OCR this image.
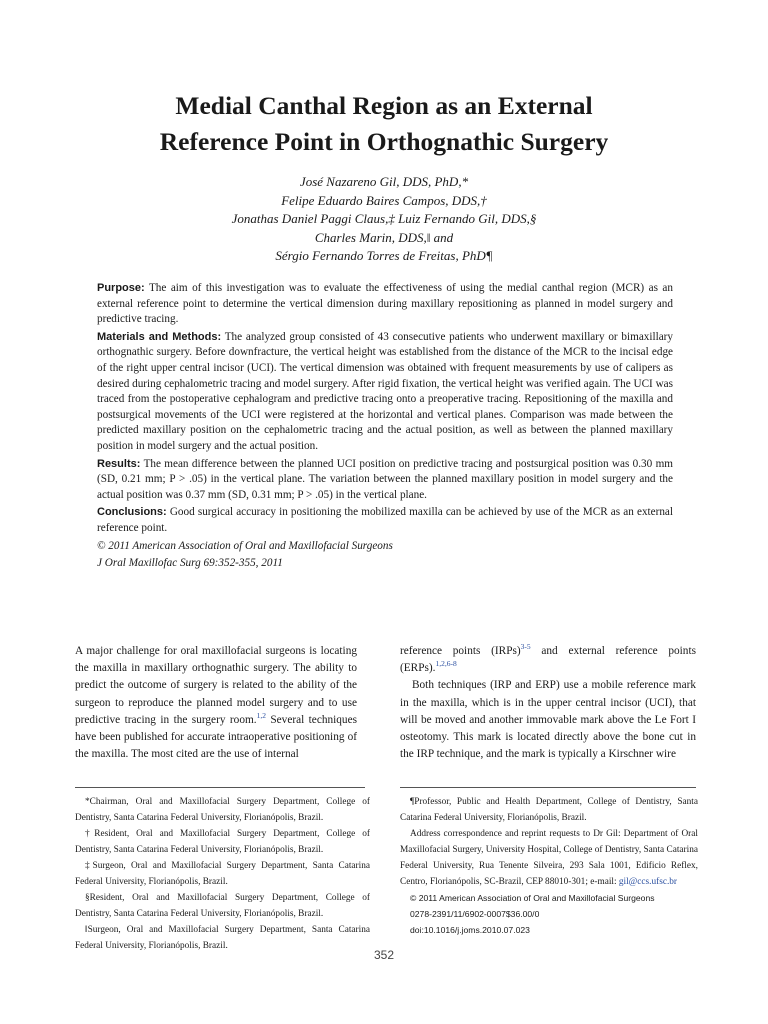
Medial Canthal Region as an External
Reference Point in Orthognathic Surgery
José Nazareno Gil, DDS, PhD,*
Felipe Eduardo Baires Campos, DDS,†
Jonathas Daniel Paggi Claus,‡ Luiz Fernando Gil, DDS,§
Charles Marin, DDS,‖ and
Sérgio Fernando Torres de Freitas, PhD¶

Purpose: The aim of this investigation was to evaluate the effectiveness of using the medial canthal region (MCR) as an external reference point to determine the vertical dimension during maxillary repositioning as planned in model surgery and predictive tracing.

Materials and Methods: The analyzed group consisted of 43 consecutive patients who underwent maxillary or bimaxillary orthognathic surgery. Before downfracture, the vertical height was established from the distance of the MCR to the incisal edge of the right upper central incisor (UCI). The vertical dimension was obtained with frequent measurements by use of calipers as desired during cephalometric tracing and model surgery. After rigid fixation, the vertical height was verified again. The UCI was traced from the postoperative cephalogram and predictive tracing onto a preoperative tracing. Repositioning of the maxilla and postsurgical movements of the UCI were registered at the horizontal and vertical planes. Comparison was made between the predicted maxillary position on the cephalometric tracing and the actual position, as well as between the planned maxillary position in model surgery and the actual position.

Results: The mean difference between the planned UCI position on predictive tracing and postsurgical position was 0.30 mm (SD, 0.21 mm; P > .05) in the vertical plane. The variation between the planned maxillary position in model surgery and the actual position was 0.37 mm (SD, 0.31 mm; P > .05) in the vertical plane.

Conclusions: Good surgical accuracy in positioning the mobilized maxilla can be achieved by use of the MCR as an external reference point.

© 2011 American Association of Oral and Maxillofacial Surgeons

J Oral Maxillofac Surg 69:352-355, 2011

A major challenge for oral maxillofacial surgeons is locating the maxilla in maxillary orthognathic surgery. The ability to predict the outcome of surgery is related to the ability of the surgeon to reproduce the planned model surgery and to use predictive tracing in the surgery room.$^{1,2}$ Several techniques have been published for accurate intraoperative positioning of the maxilla. The most cited are the use of internal

reference points (IRPs)$^{3-5}$ and external reference points (ERPs).$^{1,2,6-8}$

Both techniques (IRP and ERP) use a mobile reference mark in the maxilla, which is in the upper central incisor (UCI), that will be moved and another immovable mark above the Le Fort I osteotomy. This mark is located directly above the bone cut in the IRP technique, and the mark is typically a Kirschner wire

*Chairman, Oral and Maxillofacial Surgery Department, College of Dentistry, Santa Catarina Federal University, Florianópolis, Brazil.

†Resident, Oral and Maxillofacial Surgery Department, College of Dentistry, Santa Catarina Federal University, Florianópolis, Brazil.

‡Surgeon, Oral and Maxillofacial Surgery Department, Santa Catarina Federal University, Florianópolis, Brazil.

§Resident, Oral and Maxillofacial Surgery Department, College of Dentistry, Santa Catarina Federal University, Florianópolis, Brazil.

‖Surgeon, Oral and Maxillofacial Surgery Department, Santa Catarina Federal University, Florianópolis, Brazil.

¶Professor, Public and Health Department, College of Dentistry, Santa Catarina Federal University, Florianópolis, Brazil.

Address correspondence and reprint requests to Dr Gil: Department of Oral Maxillofacial Surgery, University Hospital, College of Dentistry, Santa Catarina Federal University, Rua Tenente Silveira, 293 Sala 1001, Edificio Reflex, Centro, Florianópolis, SC-Brazil, CEP 88010-301; e-mail: gil@ccs.ufsc.br

© 2011 American Association of Oral and Maxillofacial Surgeons

0278-2391/11/6902-0007$36.00/0

doi:10.1016/j.joms.2010.07.023

352
